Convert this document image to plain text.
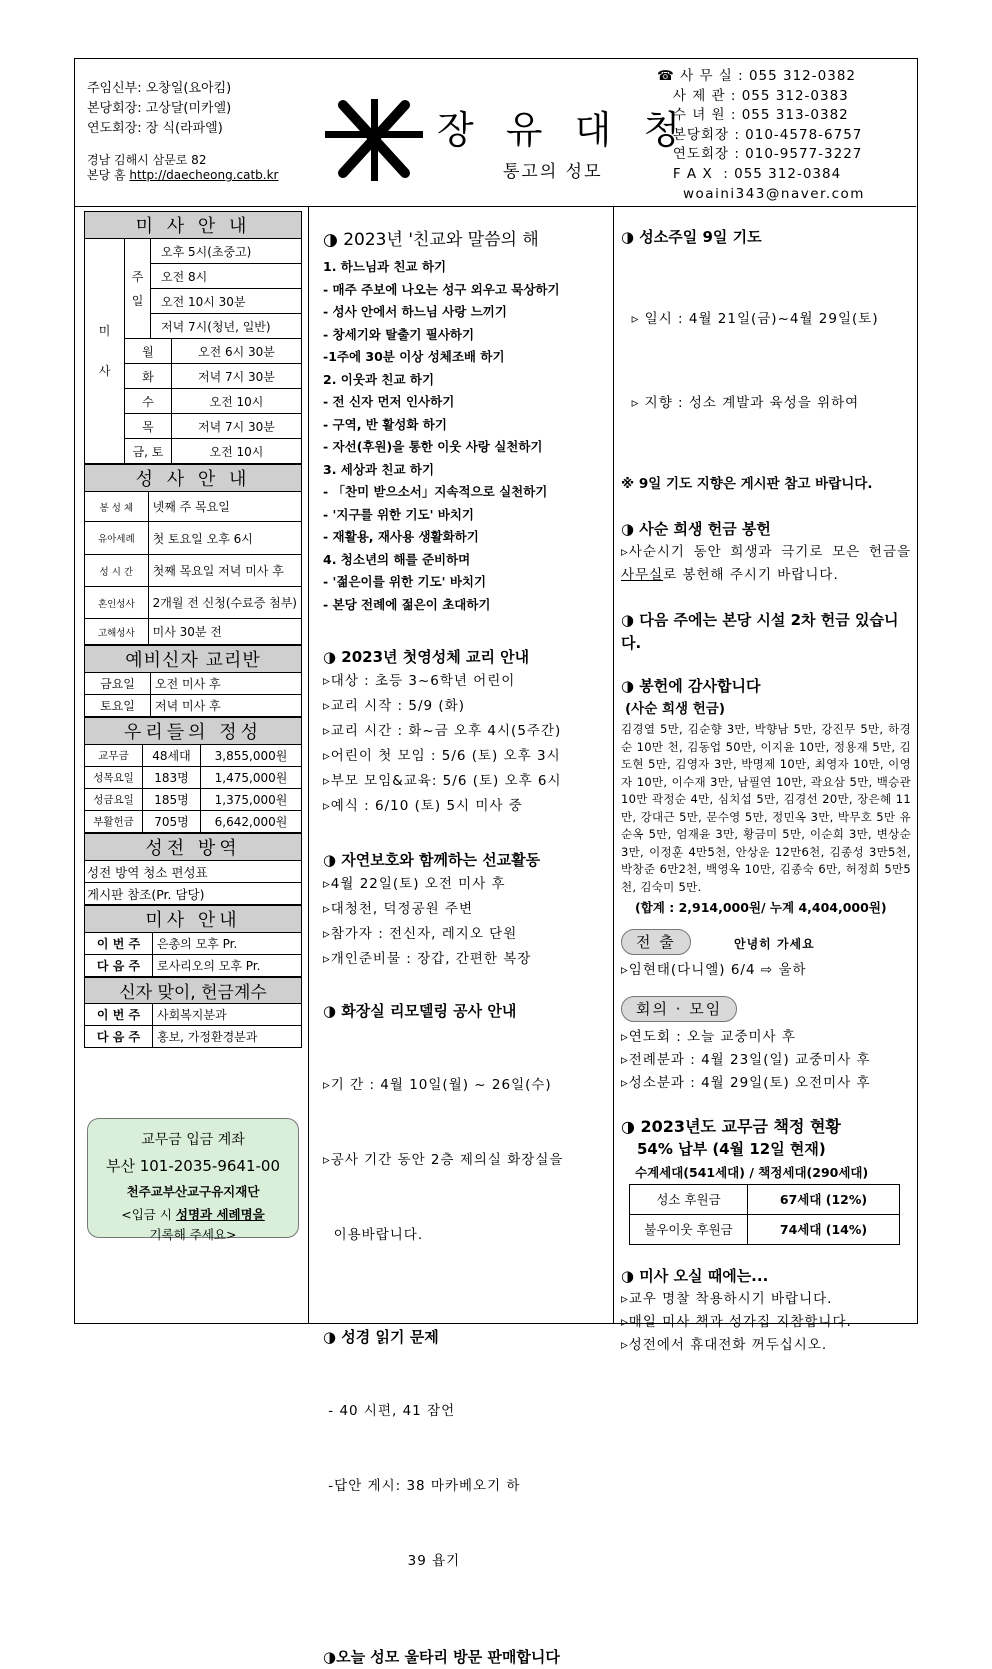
주임신부: 오창일(요아킴)
본당회장: 고상달(미카엘)
연도회장: 장 식(라파엘)
경남 김해시 삼문로 82
본당 홈 http://daecheong.catb.kr
장 유 대 청
통고의 성모
☎ 사 무 실 : 055 312-0382
사 제 관 : 055 312-0383
수 녀 원 : 055 313-0382
본당회장 : 010-4578-6757
연도회장 : 010-9577-3227
F A X  : 055 312-0384
woaini343@naver.com
미 사 안 내			
미
사	주
일	오후 5시(초중고)	
		오전 8시	
		오전 10시 30분	
		저녁 7시(청년, 일반)	
	월		오전 6시 30분
	화		저녁 7시 30분
	수		오전 10시
	목		저녁 7시 30분
	금, 토		오전 10시
성 사 안 내	
봉 성 체	넷째 주 목요일
유아세례	첫 토요일 오후 6시
성 시 간	첫째 목요일 저녁 미사 후
혼인성사	2개월 전 신청(수료증 첨부)
고해성사	미사 30분 전
예비신자 교리반	
금요일	오전 미사 후
토요일	저녁 미사 후
우리들의 정성		
교무금	48세대	3,855,000원
성목요일	183명	1,475,000원
성금요일	185명	1,375,000원
부활헌금	705명	6,642,000원
성전 방역
성전 방역 청소 편성표
게시판 참조(Pr. 담당)
미사 안내	
이 번 주	은총의 모후 Pr.
다 음 주	로사리오의 모후 Pr.
신자 맞이, 헌금계수	
이 번 주	사회복지분과
다 음 주	홍보, 가정환경분과
교무금 입금 계좌
부산 101-2035-9641-00
천주교부산교구유지재단
<입금 시 성명과 세례명을
기록해 주세요>
◑ 2023년 '친교와 말씀의 해
1. 하느님과 친교 하기
- 매주 주보에 나오는 성구 외우고 묵상하기
- 성사 안에서 하느님 사랑 느끼기
- 창세기와 탈출기 필사하기
-1주에 30분 이상 성체조배 하기
2. 이웃과 친교 하기
- 전 신자 먼저 인사하기
- 구역, 반 활성화 하기
- 자선(후원)을 통한 이웃 사랑 실천하기
3. 세상과 친교 하기
- 「찬미 받으소서」지속적으로 실천하기
- '지구를 위한 기도' 바치기
- 재활용, 재사용 생활화하기
4. 청소년의 해를 준비하며
- '젊은이를 위한 기도' 바치기
- 본당 전례에 젊은이 초대하기
◑ 2023년 첫영성체 교리 안내
▹대상 : 초등 3~6학년 어린이
▹교리 시작 : 5/9 (화)
▹교리 시간 : 화~금 오후 4시(5주간)
▹어린이 첫 모임 : 5/6 (토) 오후 3시
▹부모 모임&교육: 5/6 (토) 오후 6시
▹예식 : 6/10 (토) 5시 미사 중
◑ 자연보호와 함께하는 선교활동
▹4월 22일(토) 오전 미사 후
▹대청천, 덕정공원 주변
▹참가자 : 전신자, 레지오 단원
▹개인준비물 : 장갑, 간편한 복장
◑ 화장실 리모델링 공사 안내

▹기 간 : 4월 10일(월) ~ 26일(수)

▹공사 기간 동안 2층 제의실 화장실을

이용바랍니다.

◑ 성경 읽기 문제

- 40 시편, 41 잠언

-답안 게시: 38 마카베오기 하

39 욥기

◑오늘 성모 울타리 방문 판매합니다
◑ 성소주일 9일 기도

▹ 일시 : 4월 21일(금)~4월 29일(토)

▹ 지향 : 성소 계발과 육성을 위하여

※ 9일 기도 지향은 게시판 참고 바랍니다.
◑ 사순 희생 헌금 봉헌
▹사순시기 동안 희생과 극기로 모은 헌금을 사무실로 봉헌해 주시기 바랍니다.
◑ 다음 주에는 본당 시설 2차 헌금 있습니다.
◑ 봉헌에 감사합니다
(사순 희생 헌금)
김경열 5만, 김순향 3만, 박향남 5만, 강진무 5만, 하경순 10만 천, 김동업 50만, 이지윤 10만, 정용재 5만, 김도현 5만, 김영자 3만, 박명제 10만, 최영자 10만, 이영자 10만, 이수재 3만, 남필연 10만, 곽요삼 5만, 백승관 10만 곽정순 4만, 심치섭 5만, 김경선 20만, 장은혜 11만, 강대근 5만, 문수영 5만, 정민옥 3만, 박무호 5만 유순옥 5만, 엄재윤 3만, 황금미 5만, 이순희 3만, 변상순 3만, 이정훈 4만5천, 안상운 12만6천, 김종성 3만5천, 박창준 6만2천, 백영옥 10만, 김종숙 6만, 허정희 5만5천, 김숙미 5만.
(합계 : 2,914,000원/ 누계 4,404,000원)
전 출	안녕히 가세요
▹임현태(다니엘) 6/4 ⇨ 울하
회의 · 모임
▹연도회 : 오늘 교중미사 후
▹전례분과 : 4월 23일(일) 교중미사 후
▹성소분과 : 4월 29일(토) 오전미사 후
◑ 2023년도 교무금 책정 현황
54% 납부 (4월 12일 현재)
수계세대(541세대) / 책정세대(290세대)
성소 후원금	67세대 (12%)
불우이웃 후원금	74세대 (14%)
◑ 미사 오실 때에는...
▹교우 명찰 착용하시기 바랍니다.
▹매일 미사 책과 성가집 지참합니다.
▹성전에서 휴대전화 꺼두십시오.
